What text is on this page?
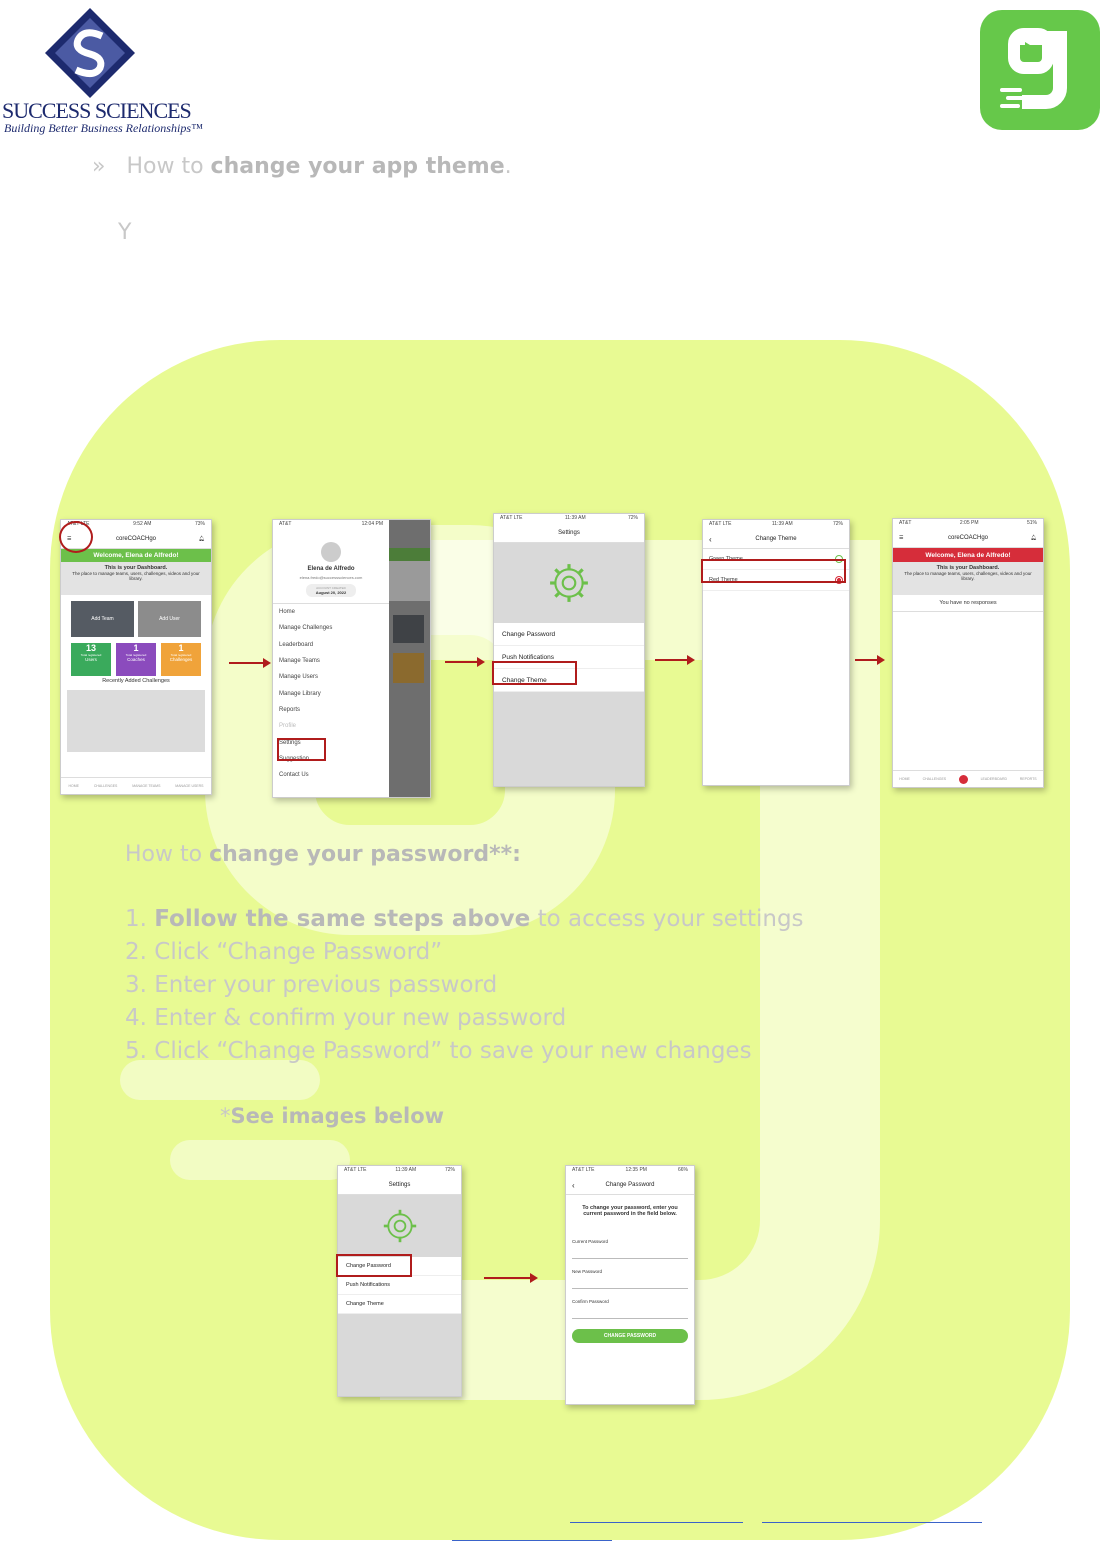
SUCCESS SCIENCES
Building Better Business Relationships™
» How to change your app theme.
Y
AT&T LTE	9:52 AM	73%
☰	coreCOACHgo	🔔︎
Welcome, Elena de Alfredo!
This is your Dashboard.
The place to manage teams, users, challenges, videos and your library.
Add Team	Add User
13
Total registered
Users
1
Total registered
Coaches
1
Total registered
Challenges
Recently Added Challenges
HOME	CHALLENGES	MANAGE TEAMS	MANAGE USERS
AT&T	12:04 PM
Elena de Alfredo
elena.fredo@successsciences.com
ACCOUNT CREATED
August 20, 2022
Home
Manage Challenges
Leaderboard
Manage Teams
Manage Users
Manage Library
Reports
Profile
Settings
Suggestion
Contact Us
AT&T LTE	11:39 AM	72%
Settings
Change Password
Push Notifications
Change Theme
AT&T LTE	11:39 AM	72%
‹	Change Theme
Green Theme
Red Theme
AT&T	2:05 PM	51%
☰	coreCOACHgo	🔔︎
Welcome, Elena de Alfredo!
This is your Dashboard.
The place to manage teams, users, challenges, videos and your library.
You have no responses
HOME	CHALLENGES	LEADERBOARD	REPORTS
How to change your password**:
1. Follow the same steps above to access your settings
2. Click “Change Password”
3. Enter your previous password
4. Enter & confirm your new password
5. Click “Change Password” to save your new changes
*See images below
AT&T LTE	11:39 AM	72%
Settings
Change Password
Push Notifications
Change Theme
AT&T LTE	12:35 PM	66%
‹	Change Password
To change your password, enter you current password in the field below.
Current Password
New Password
Confirm Password
CHANGE PASSWORD
